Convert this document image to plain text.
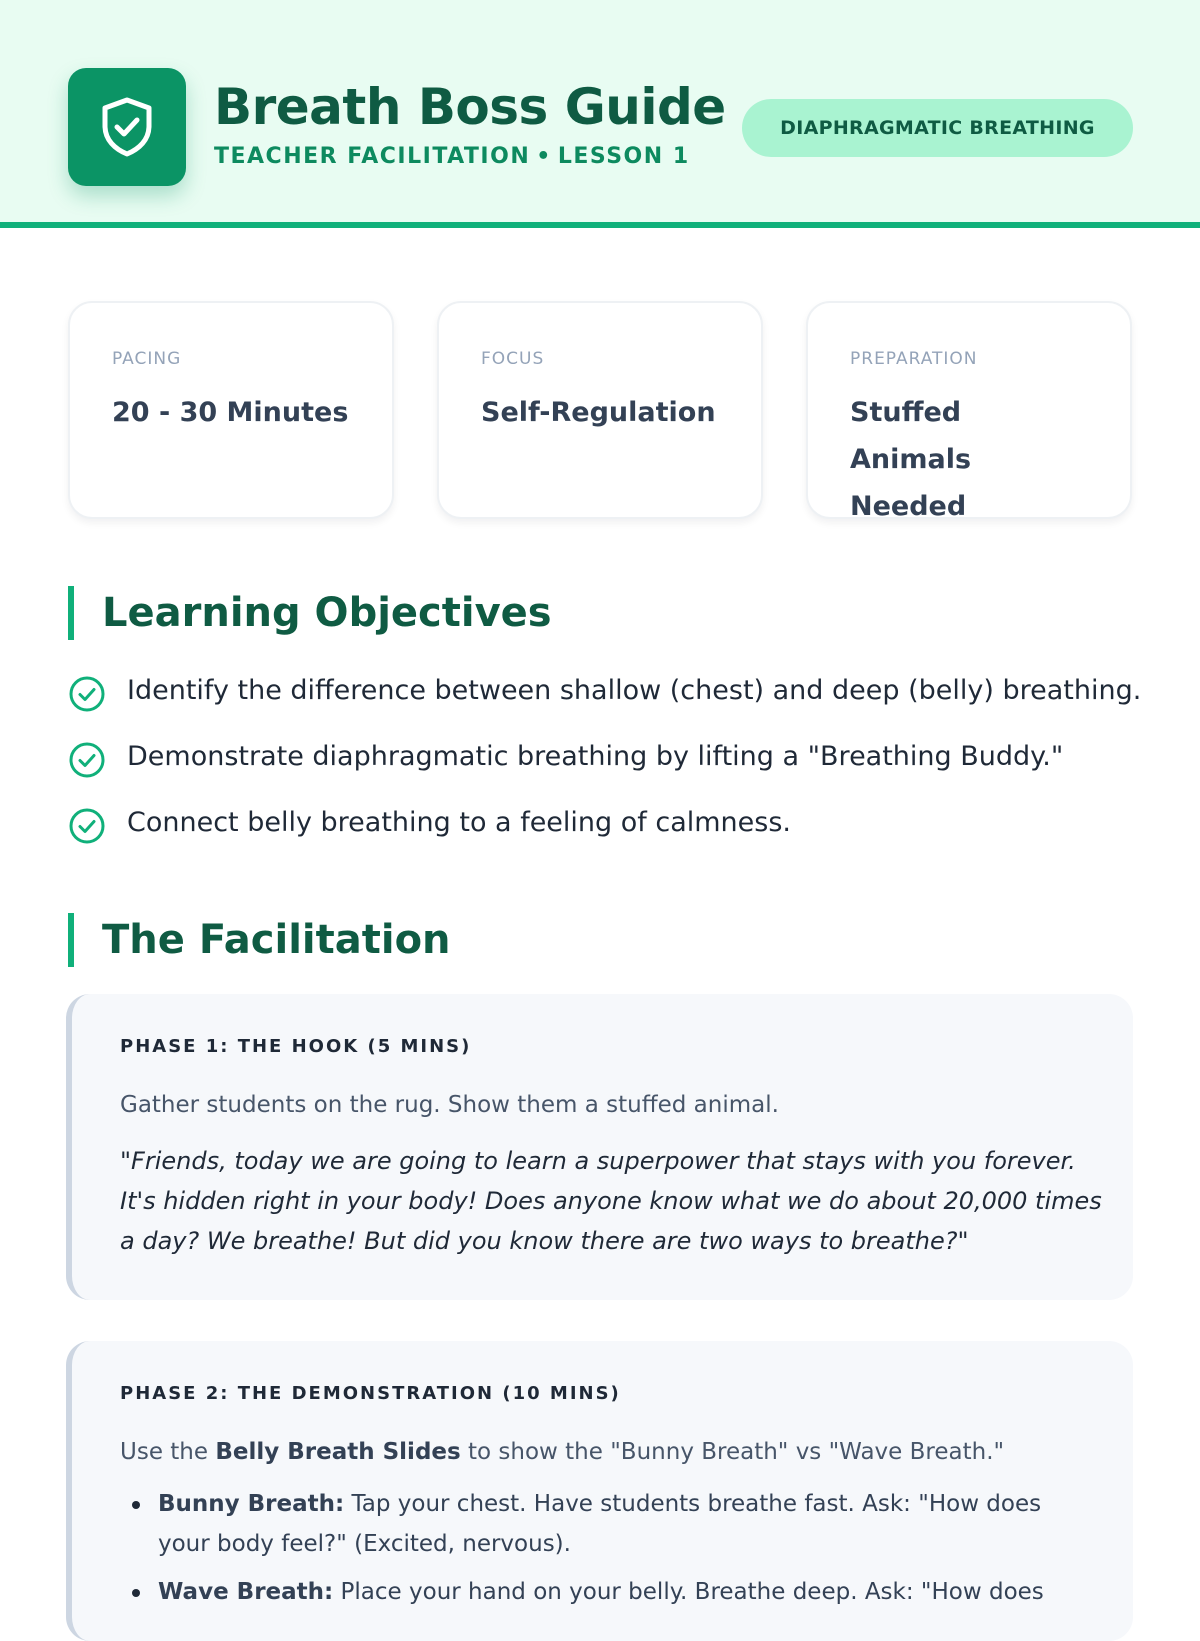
Breath Boss Guide
TEACHER FACILITATION • LESSON 1
DIAPHRAGMATIC BREATHING
PACING
20 - 30 Minutes
FOCUS
Self-Regulation
PREPARATION
Stuffed Animals Needed
Learning Objectives
Identify the difference between shallow (chest) and deep (belly) breathing.
Demonstrate diaphragmatic breathing by lifting a "Breathing Buddy."
Connect belly breathing to a feeling of calmness.
The Facilitation
PHASE 1: THE HOOK (5 MINS)
Gather students on the rug. Show them a stuffed animal.
"Friends, today we are going to learn a superpower that stays with you forever. It's hidden right in your body! Does anyone know what we do about 20,000 times a day? We breathe! But did you know there are two ways to breathe?"
PHASE 2: THE DEMONSTRATION (10 MINS)
Use the Belly Breath Slides to show the "Bunny Breath" vs "Wave Breath."
Bunny Breath: Tap your chest. Have students breathe fast. Ask: "How does your body feel?" (Excited, nervous).
Wave Breath: Place your hand on your belly. Breathe deep. Ask: "How does
